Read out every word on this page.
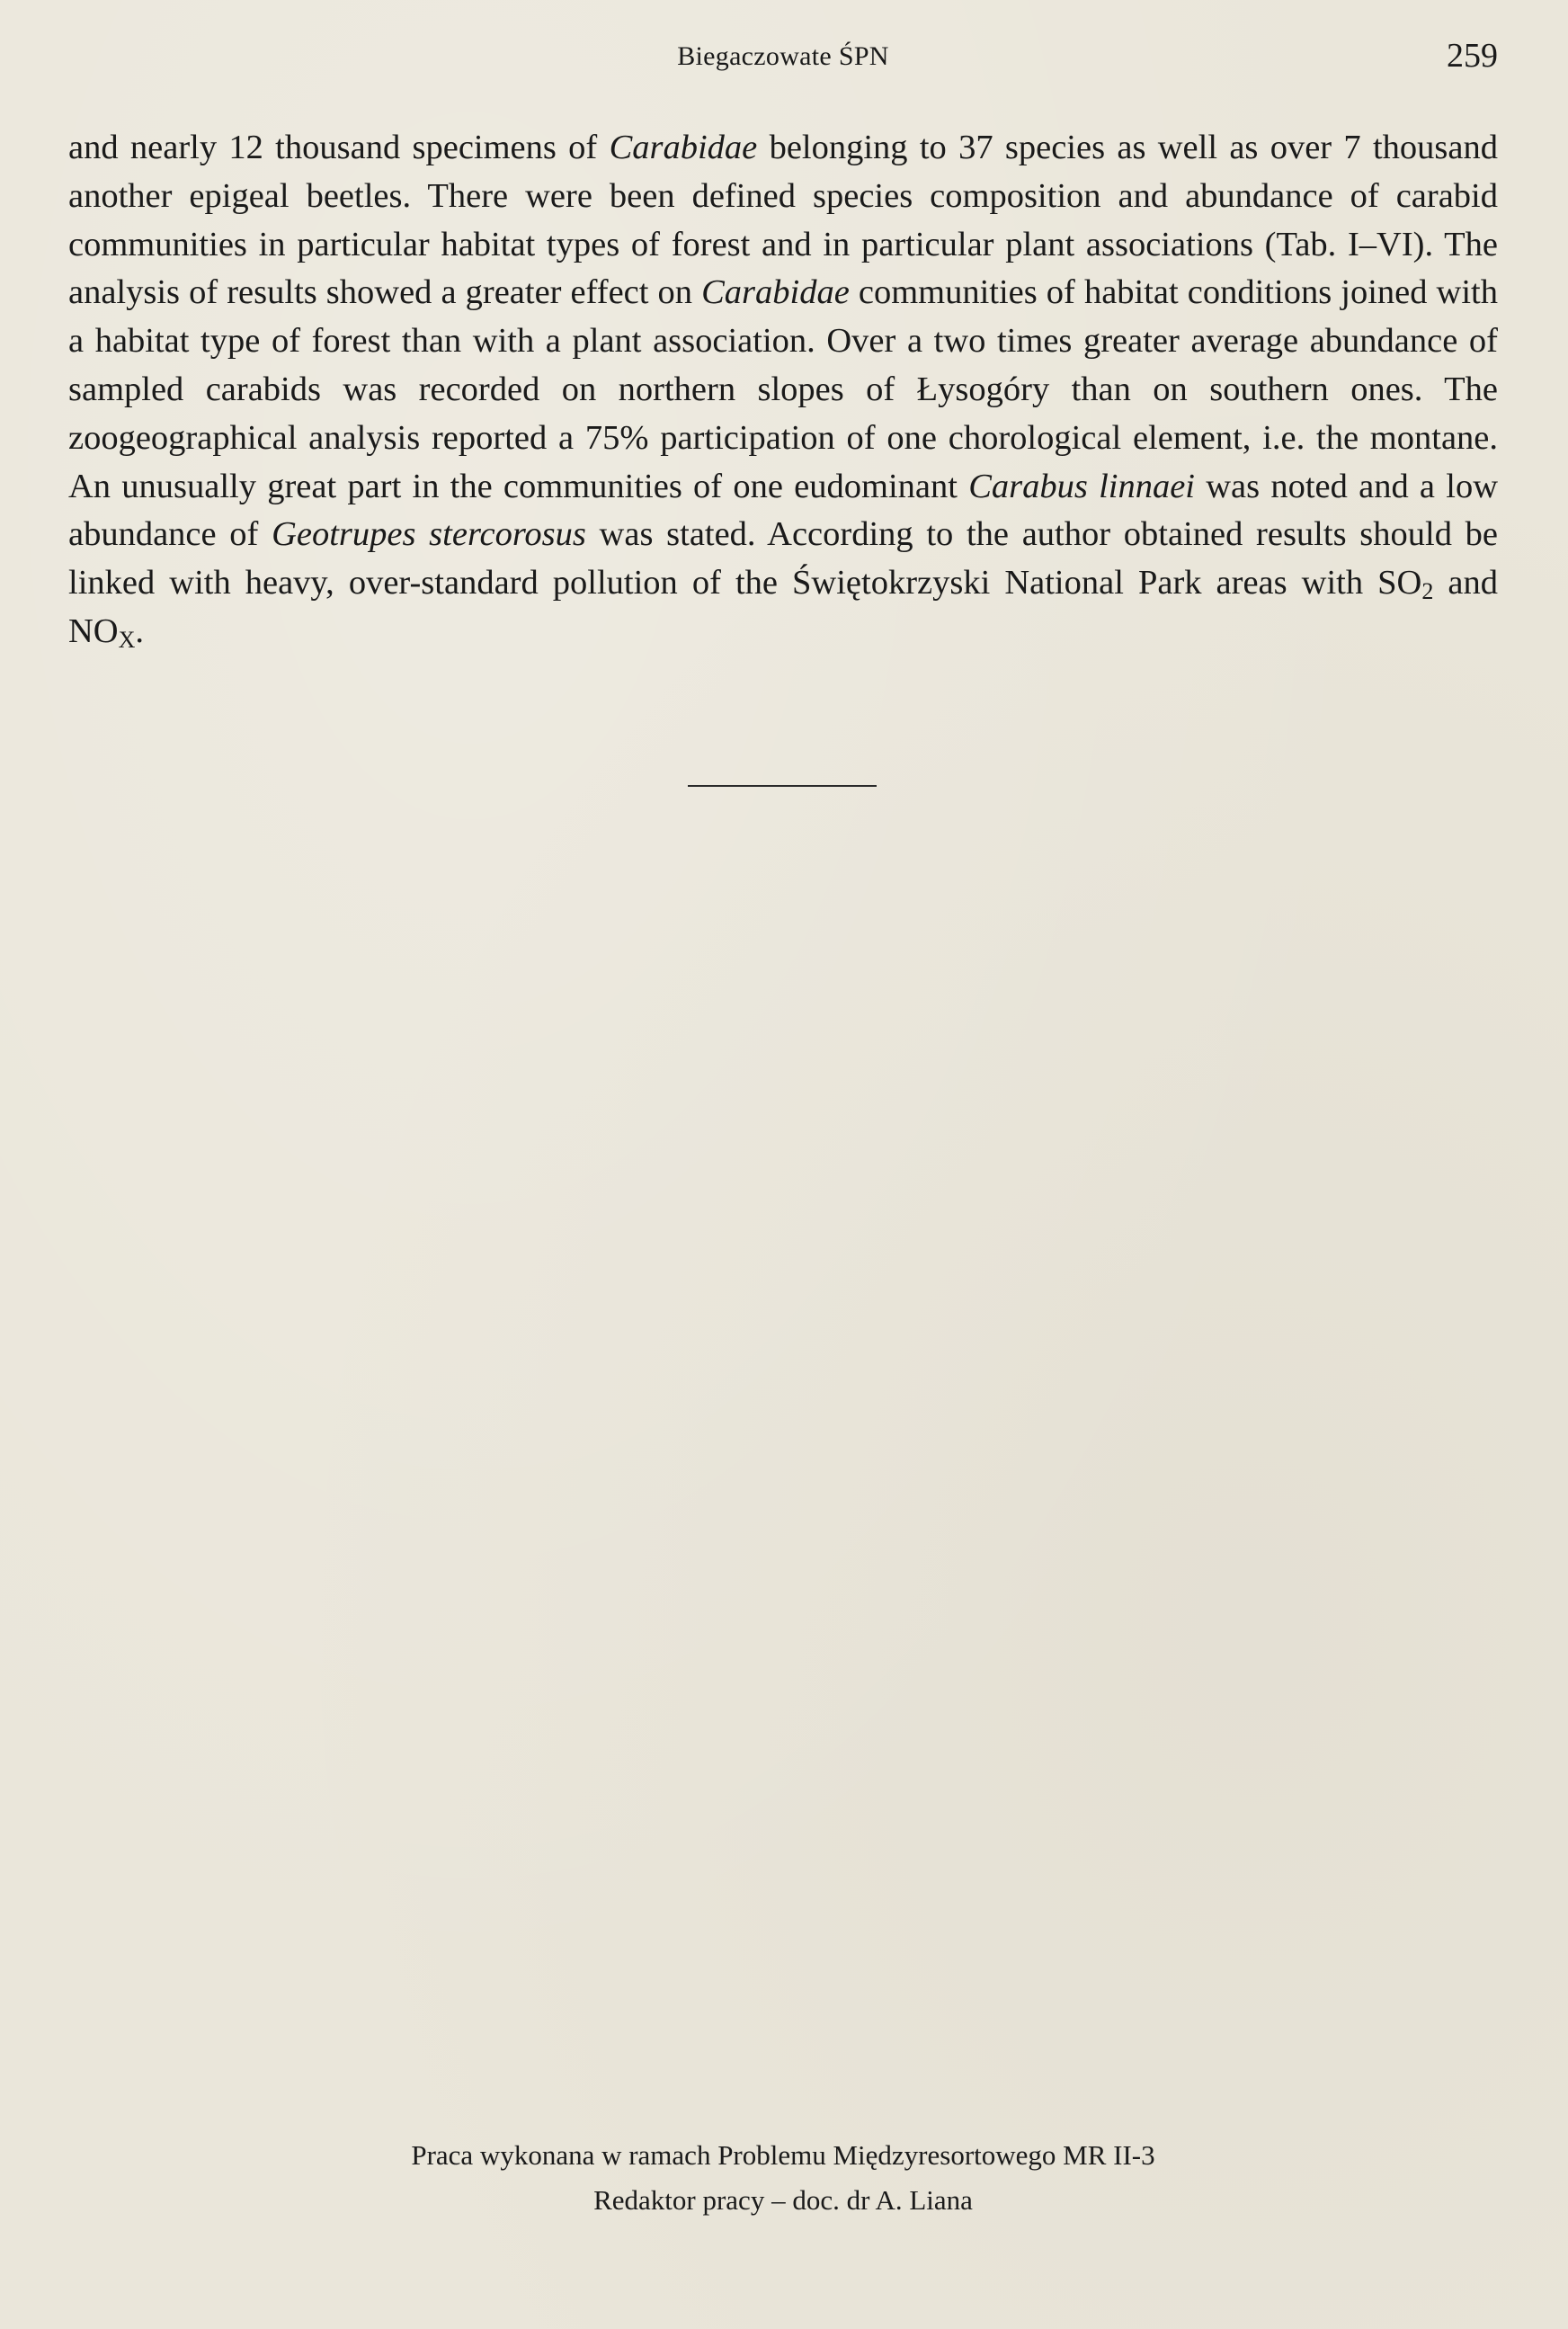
Biegaczowate ŚPN	259

and nearly 12 thousand specimens of Carabidae belonging to 37 species as well as over 7 thousand another epigeal beetles. There were been defined species composition and abundance of carabid communities in particular habitat types of forest and in particular plant associations (Tab. I–VI). The analysis of results showed a greater effect on Carabidae communities of habitat conditions joined with a habitat type of forest than with a plant association. Over a two times greater average abundance of sampled carabids was recorded on northern slopes of Łysogóry than on southern ones. The zoogeographical analysis reported a 75% participation of one chorological element, i.e. the montane. An unusually great part in the communities of one eudominant Carabus linnaei was noted and a low abundance of Geotrupes stercorosus was stated. According to the author obtained results should be linked with heavy, over-standard pollution of the Świętokrzyski National Park areas with $SO_2$ and $NO_X$.

Praca wykonana w ramach Problemu Międzyresortowego MR II-3
Redaktor pracy – doc. dr A. Liana
